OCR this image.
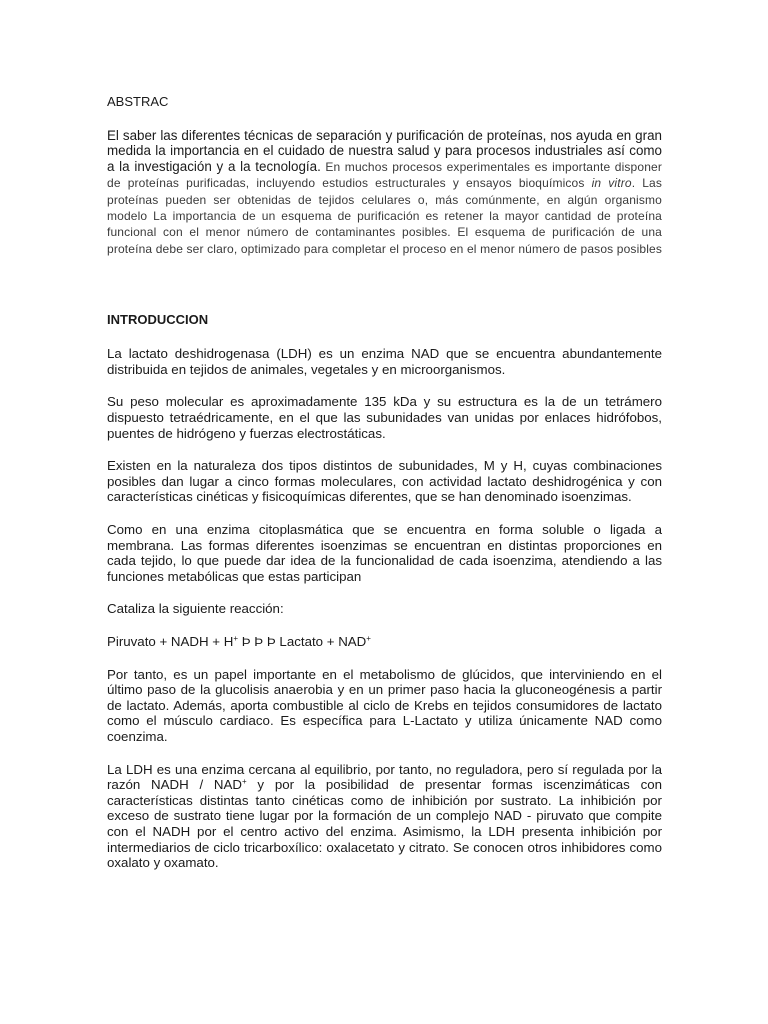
ABSTRAC

El saber las diferentes técnicas de separación y purificación de proteínas, nos ayuda en gran medida la importancia en el cuidado de nuestra salud y para procesos industriales así como a la investigación y a la tecnología. En muchos procesos experimentales es importante disponer de proteínas purificadas, incluyendo estudios estructurales y ensayos bioquímicos in vitro. Las proteínas pueden ser obtenidas de tejidos celulares o, más comúnmente, en algún organismo modelo La importancia de un esquema de purificación es retener la mayor cantidad de proteína funcional con el menor número de contaminantes posibles. El esquema de purificación de una proteína debe ser claro, optimizado para completar el proceso en el menor número de pasos posibles

INTRODUCCION

La lactato deshidrogenasa (LDH) es un enzima NAD que se encuentra abundantemente distribuida en tejidos de animales, vegetales y en microorganismos.

Su peso molecular es aproximadamente 135 kDa y su estructura es la de un tetrámero dispuesto tetraédricamente, en el que las subunidades van unidas por enlaces hidrófobos, puentes de hidrógeno y fuerzas electrostáticas.

Existen en la naturaleza dos tipos distintos de subunidades, M y H, cuyas combinaciones posibles dan lugar a cinco formas moleculares, con actividad lactato deshidrogénica y con características cinéticas y fisicoquímicas diferentes, que se han denominado isoenzimas.

Como en una enzima citoplasmática que se encuentra en forma soluble o ligada a membrana. Las formas diferentes isoenzimas se encuentran en distintas proporciones en cada tejido, lo que puede dar idea de la funcionalidad de cada isoenzima, atendiendo a las funciones metabólicas que estas participan

Cataliza la siguiente reacción:

Piruvato + NADH + H+ Þ Þ Þ Lactato + NAD+

Por tanto, es un papel importante en el metabolismo de glúcidos, que interviniendo en el último paso de la glucolisis anaerobia y en un primer paso hacia la gluconeogénesis a partir de lactato. Además, aporta combustible al ciclo de Krebs en tejidos consumidores de lactato como el músculo cardiaco. Es específica para L-Lactato y utiliza únicamente NAD como coenzima.

La LDH es una enzima cercana al equilibrio, por tanto, no reguladora, pero sí regulada por la razón NADH / NAD+ y por la posibilidad de presentar formas iscenzimáticas con características distintas tanto cinéticas como de inhibición por sustrato. La inhibición por exceso de sustrato tiene lugar por la formación de un complejo NAD - piruvato que compite con el NADH por el centro activo del enzima. Asimismo, la LDH presenta inhibición por intermediarios de ciclo tricarboxílico: oxalacetato y citrato. Se conocen otros inhibidores como oxalato y oxamato.
